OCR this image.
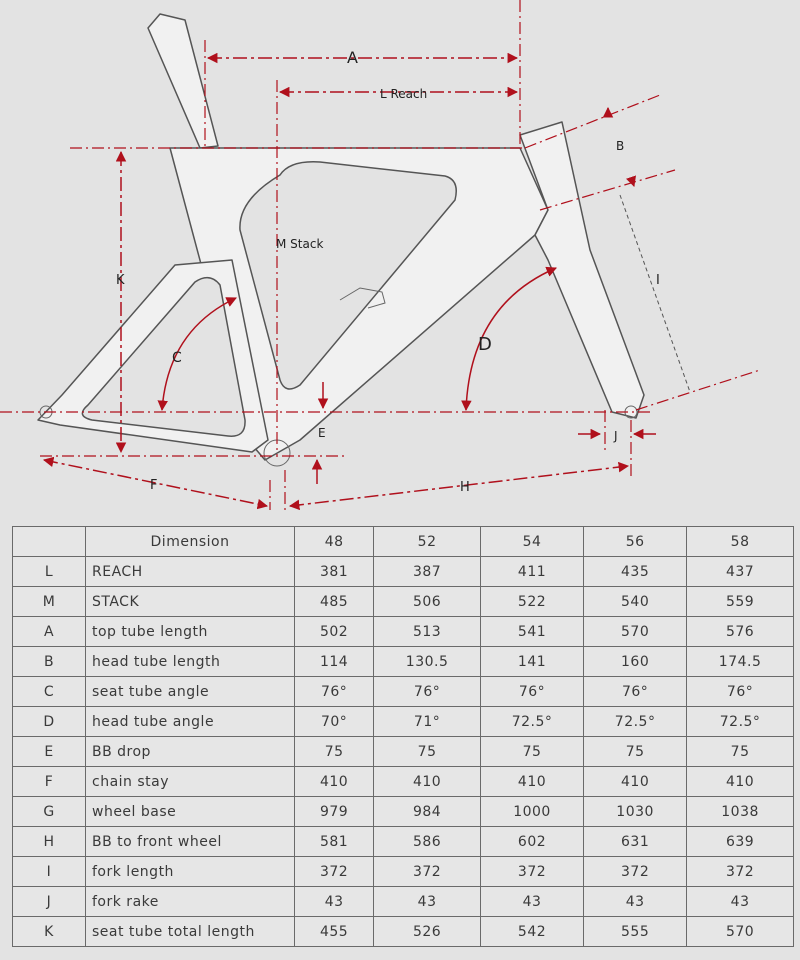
A
L Reach
B
M Stack
K	I
C
D
E	J
F	H
	Dimension	48	52	54	56	58
L	REACH	381	387	411	435	437
M	STACK	485	506	522	540	559
A	top tube length	502	513	541	570	576
B	head tube length	114	130.5	141	160	174.5
C	seat tube angle	76°	76°	76°	76°	76°
D	head tube angle	70°	71°	72.5°	72.5°	72.5°
E	BB drop	75	75	75	75	75
F	chain stay	410	410	410	410	410
G	wheel base	979	984	1000	1030	1038
H	BB to front wheel	581	586	602	631	639
I	fork length	372	372	372	372	372
J	fork rake	43	43	43	43	43
K	seat tube total length	455	526	542	555	570
